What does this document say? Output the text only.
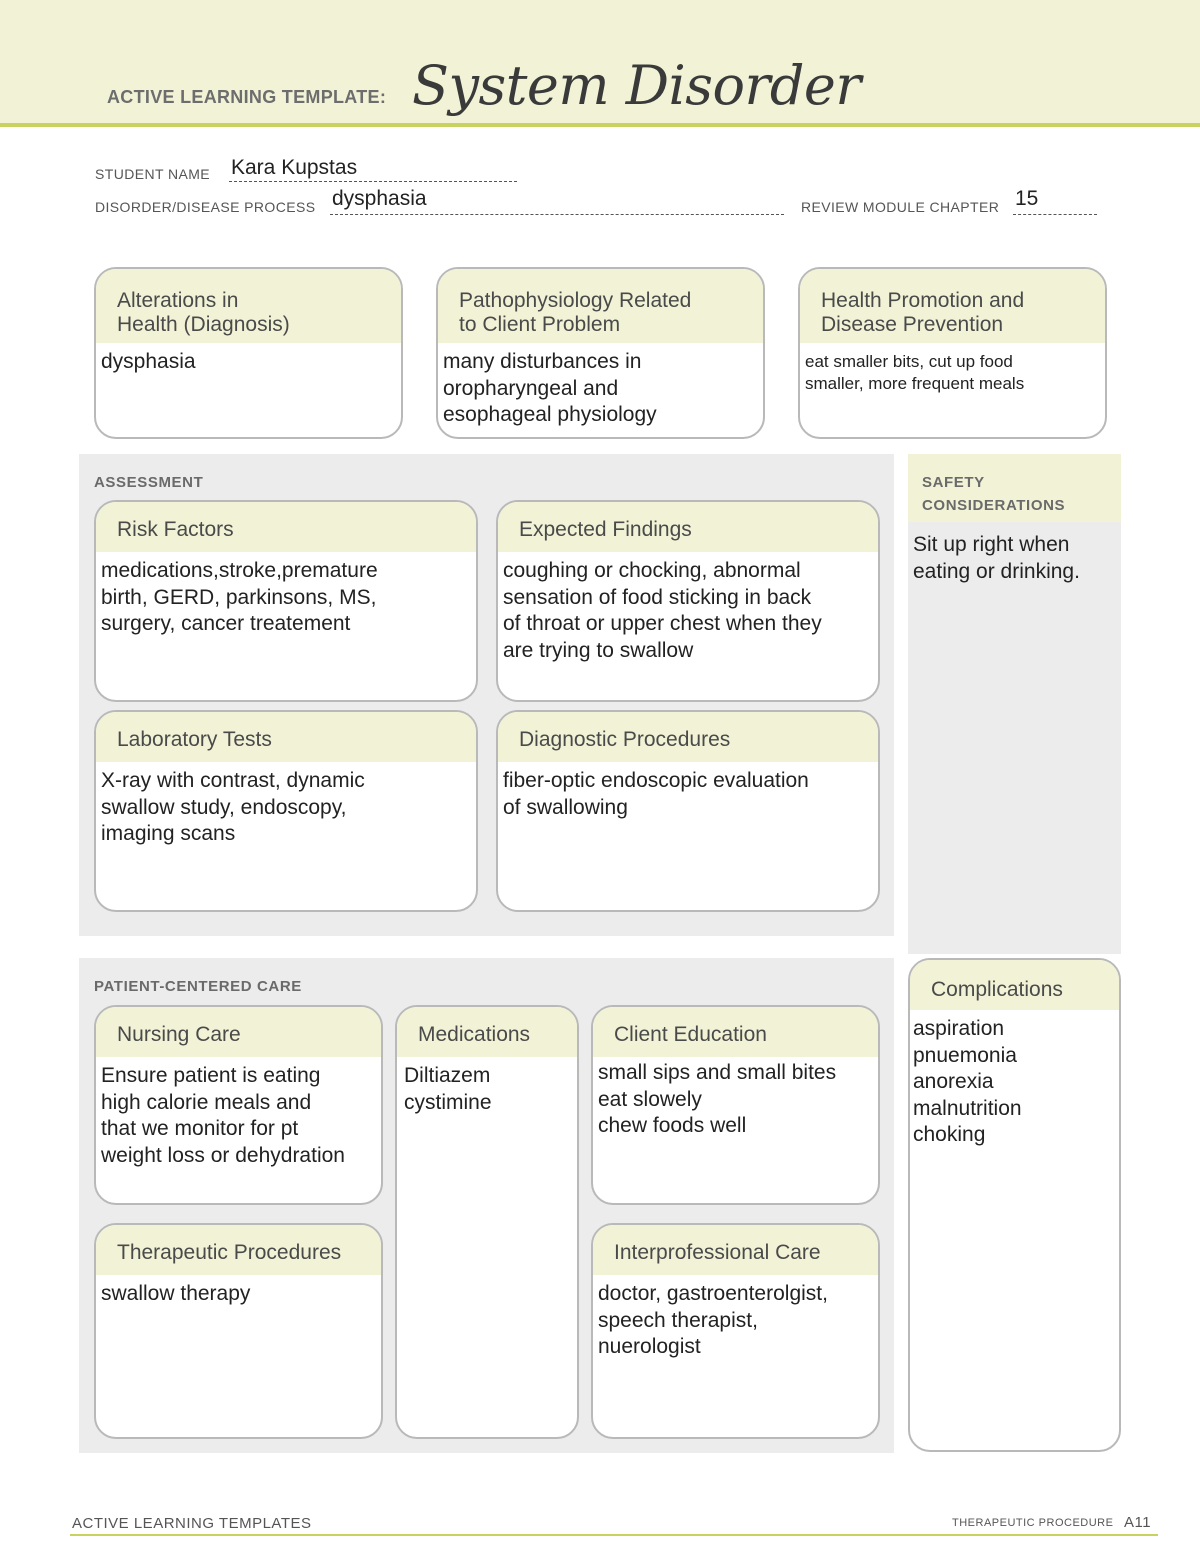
ACTIVE LEARNING TEMPLATE: System Disorder
STUDENT NAME Kara Kupstas
DISORDER/DISEASE PROCESS dysphasia	REVIEW MODULE CHAPTER 15
Alterations in
Health (Diagnosis)
dysphasia
Pathophysiology Related
to Client Problem
many disturbances in
oropharyngeal and
esophageal physiology
Health Promotion and
Disease Prevention
eat smaller bits, cut up food
smaller, more frequent meals
ASSESSMENT
Risk Factors
medications,stroke,premature
birth, GERD, parkinsons, MS,
surgery, cancer treatement
Expected Findings
coughing or chocking, abnormal
sensation of food sticking in back
of throat or upper chest when they
are trying to swallow
Laboratory Tests
X-ray with contrast, dynamic
swallow study, endoscopy,
imaging scans
Diagnostic Procedures
fiber-optic endoscopic evaluation
of swallowing
SAFETY
CONSIDERATIONS
Sit up right when
eating or drinking.
PATIENT-CENTERED CARE
Nursing Care
Ensure patient is eating
high calorie meals and
that we monitor for pt
weight loss or dehydration
Medications
Diltiazem
cystimine
Client Education
small sips and small bites
eat slowely
chew foods well
Therapeutic Procedures
swallow therapy
Interprofessional Care
doctor, gastroenterolgist,
speech therapist,
nuerologist
Complications
aspiration
pnuemonia
anorexia
malnutrition
choking
ACTIVE LEARNING TEMPLATES	THERAPEUTIC PROCEDURE A11
